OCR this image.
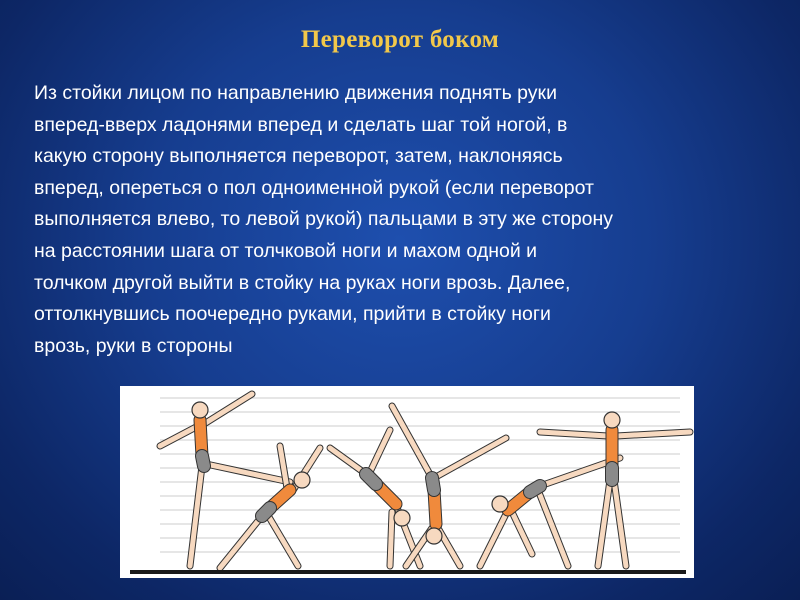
Переворот боком
Из стойки лицом по направлению движения поднять руки
вперед-вверх ладонями вперед и сделать шаг той ногой, в
какую сторону выполняется переворот, затем, наклоняясь
вперед, опереться о пол одноименной рукой (если переворот
выполняется влево, то левой рукой) пальцами в эту же сторону
на расстоянии шага от толчковой ноги и махом одной и
толчком другой выйти в стойку на руках ноги врозь. Далее,
оттолкнувшись поочередно руками, прийти в стойку ноги
врозь, руки в стороны
